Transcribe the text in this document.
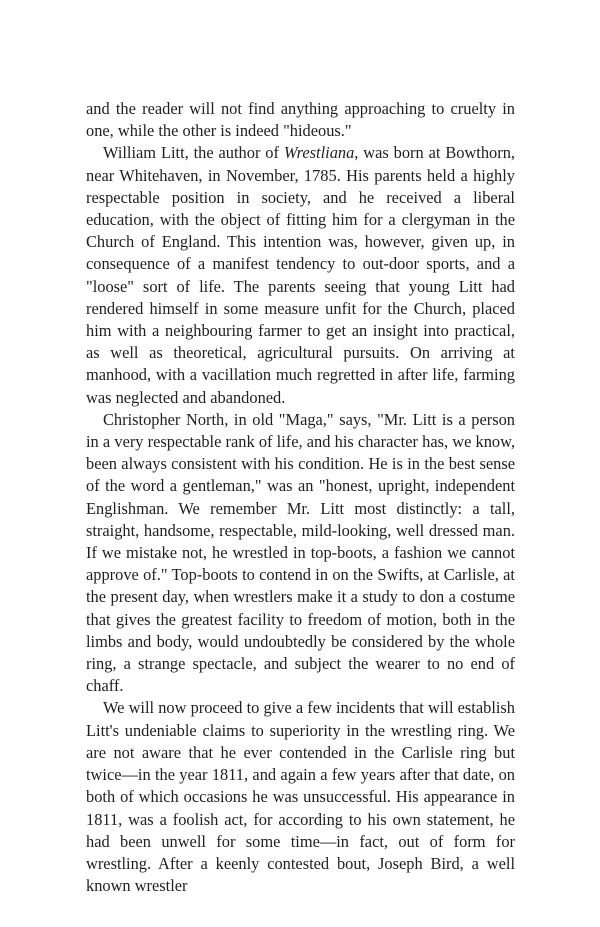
and the reader will not find anything approaching to cruelty in one, while the other is indeed "hideous."

William Litt, the author of Wrestliana, was born at Bowthorn, near Whitehaven, in November, 1785. His parents held a highly respectable position in society, and he received a liberal education, with the object of fitting him for a clergyman in the Church of England. This intention was, however, given up, in consequence of a manifest tendency to out-door sports, and a "loose" sort of life. The parents seeing that young Litt had rendered himself in some measure unfit for the Church, placed him with a neighbouring farmer to get an insight into practical, as well as theoretical, agricultural pursuits. On arriving at manhood, with a vacillation much regretted in after life, farming was neglected and abandoned.

Christopher North, in old "Maga," says, "Mr. Litt is a person in a very respectable rank of life, and his character has, we know, been always consistent with his condition. He is in the best sense of the word a gentleman," was an "honest, upright, independent Englishman. We remember Mr. Litt most distinctly: a tall, straight, handsome, respectable, mild-looking, well dressed man. If we mistake not, he wrestled in top-boots, a fashion we cannot approve of." Top-boots to contend in on the Swifts, at Carlisle, at the present day, when wrestlers make it a study to don a costume that gives the greatest facility to freedom of motion, both in the limbs and body, would undoubtedly be considered by the whole ring, a strange spectacle, and subject the wearer to no end of chaff.

We will now proceed to give a few incidents that will establish Litt's undeniable claims to superiority in the wrestling ring. We are not aware that he ever contended in the Carlisle ring but twice—in the year 1811, and again a few years after that date, on both of which occasions he was unsuccessful. His appearance in 1811, was a foolish act, for according to his own statement, he had been unwell for some time—in fact, out of form for wrestling. After a keenly contested bout, Joseph Bird, a well known wrestler
